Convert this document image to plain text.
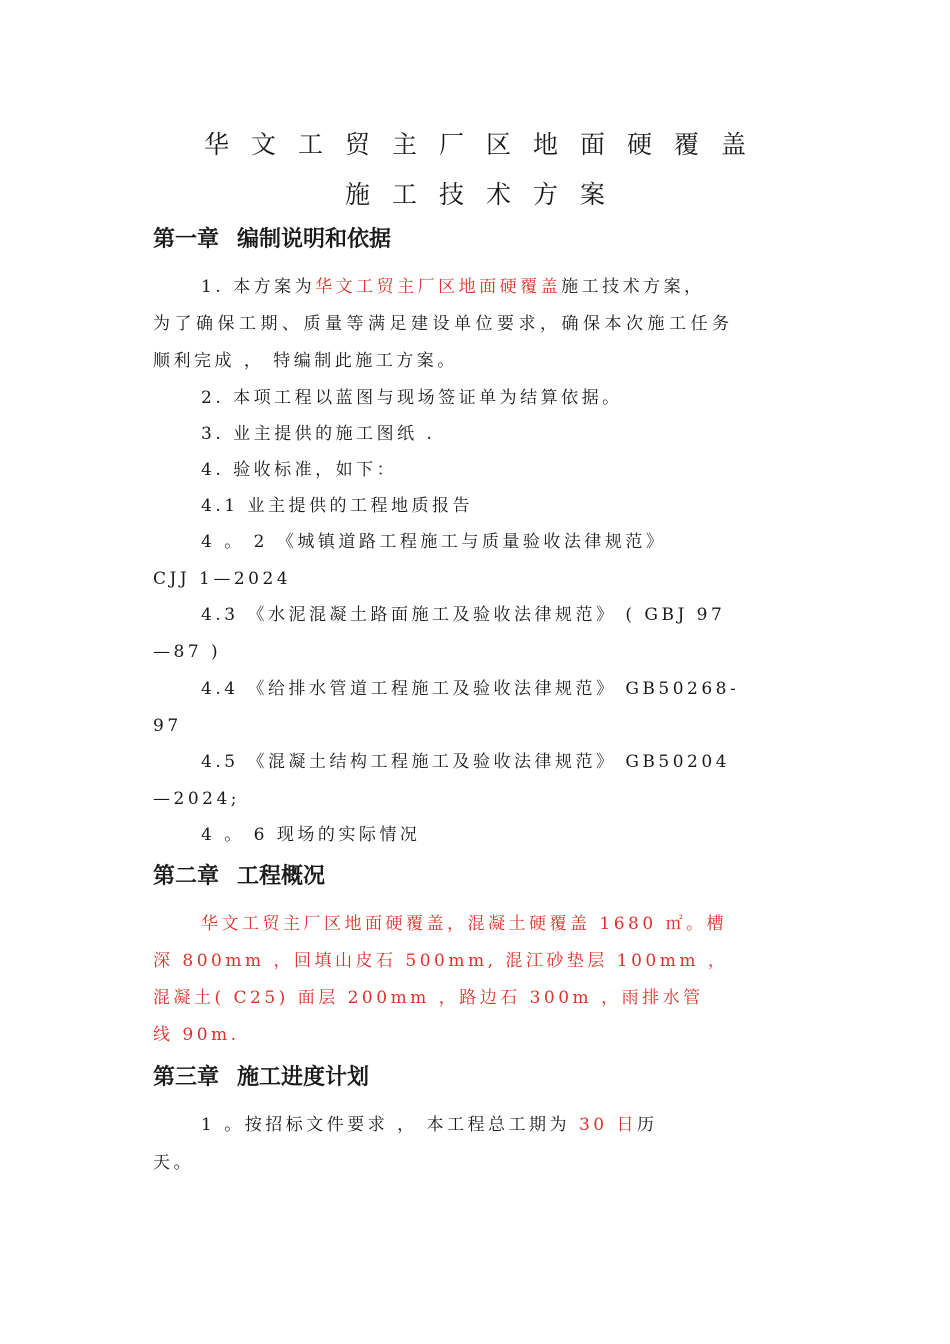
华文工贸主厂区地面硬覆盖
施工技术方案
第一章 编制说明和依据
1. 本方案为华文工贸主厂区地面硬覆盖施工技术方案，
为了确保工期、质量等满足建设单位要求，确保本次施工任务
顺利完成 ， 特编制此施工方案。
2. 本项工程以蓝图与现场签证单为结算依据。
3. 业主提供的施工图纸 .
4. 验收标准，如下：
4.1 业主提供的工程地质报告
4 。 2 《城镇道路工程施工与质量验收法律规范》
CJJ 1—2024
4.3 《水泥混凝土路面施工及验收法律规范》 ( GBJ 97
—87 )
4.4 《给排水管道工程施工及验收法律规范》 GB50268-
97
4.5 《混凝土结构工程施工及验收法律规范》 GB50204
—2024;
4 。 6 现场的实际情况
第二章 工程概况
华文工贸主厂区地面硬覆盖，混凝土硬覆盖 1680 ㎡。槽
深 800mm ，回填山皮石 500mm, 混江砂垫层 100mm ，
混凝土( C25) 面层 200mm ，路边石 300m ，雨排水管
线 90m.
第三章 施工进度计划
1 。按招标文件要求 ， 本工程总工期为 30 日历
天。
